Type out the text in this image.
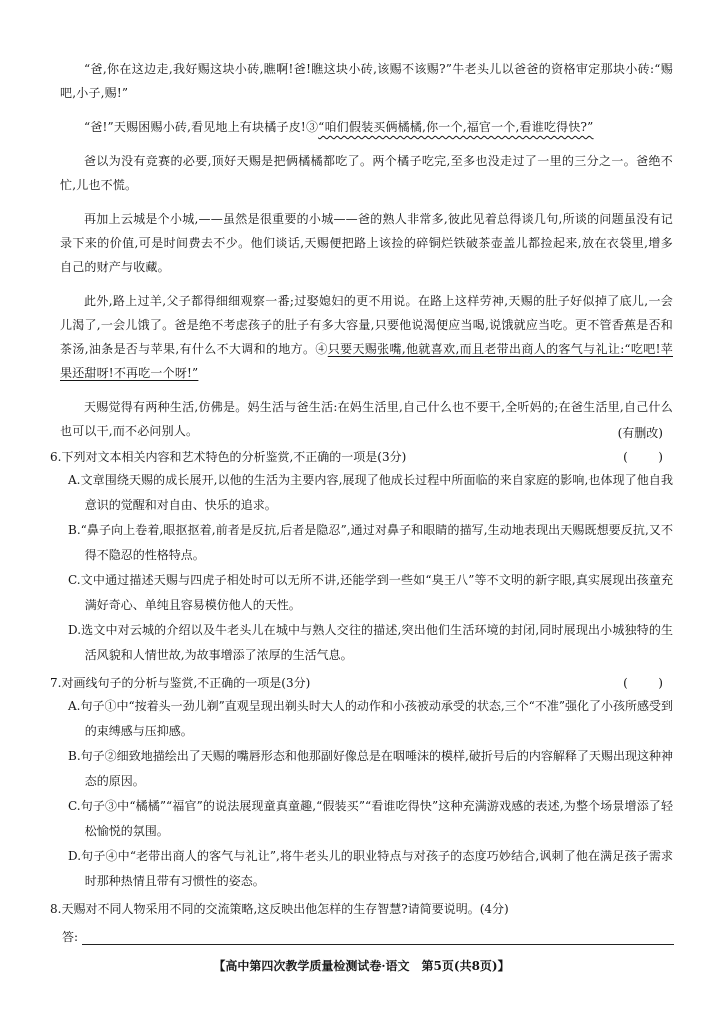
“爸,你在这边走,我好赐这块小砖,瞧啊!爸!瞧这块小砖,该赐不该赐?”牛老头儿以爸爸的资格审定那块小砖:“赐吧,小子,赐!”

“爸!”天赐困赐小砖,看见地上有块橘子皮!③“咱们假装买俩橘橘,你一个,福官一个,看谁吃得快?”

爸以为没有竞赛的必要,顶好天赐是把俩橘橘都吃了。两个橘子吃完,至多也没走过了一里的三分之一。爸绝不忙,儿也不慌。

再加上云城是个小城,——虽然是很重要的小城——爸的熟人非常多,彼此见着总得谈几句,所谈的问题虽没有记录下来的价值,可是时间费去不少。他们谈话,天赐便把路上该捡的碎铜烂铁破茶壶盖儿都捡起来,放在衣袋里,增多自己的财产与收藏。

此外,路上过羊,父子都得细细观察一番;过娶媳妇的更不用说。在路上这样劳神,天赐的肚子好似掉了底儿,一会儿渴了,一会儿饿了。爸是绝不考虑孩子的肚子有多大容量,只要他说渴便应当喝,说饿就应当吃。更不管香蕉是否和茶汤,油条是否与苹果,有什么不大调和的地方。④只要天赐张嘴,他就喜欢,而且老带出商人的客气与礼让:“吃吧!苹果还甜呀!不再吃一个呀!”

天赐觉得有两种生活,仿佛是。妈生活与爸生活:在妈生活里,自己什么也不要干,全听妈的;在爸生活里,自己什么也可以干,而不必问别人。	(有删改)
6.下列对文本相关内容和艺术特色的分析鉴赏,不正确的一项是(3分)	(        )

A.文章围绕天赐的成长展开,以他的生活为主要内容,展现了他成长过程中所面临的来自家庭的影响,也体现了他自我意识的觉醒和对自由、快乐的追求。

B.“鼻子向上卷着,眼抠抠着,前者是反抗,后者是隐忍”,通过对鼻子和眼睛的描写,生动地表现出天赐既想要反抗,又不得不隐忍的性格特点。

C.文中通过描述天赐与四虎子相处时可以无所不讲,还能学到一些如“臭王八”等不文明的新字眼,真实展现出孩童充满好奇心、单纯且容易模仿他人的天性。

D.选文中对云城的介绍以及牛老头儿在城中与熟人交往的描述,突出他们生活环境的封闭,同时展现出小城独特的生活风貌和人情世故,为故事增添了浓厚的生活气息。

7.对画线句子的分析与鉴赏,不正确的一项是(3分)	(        )

A.句子①中“按着头一劲儿剃”直观呈现出剃头时大人的动作和小孩被动承受的状态,三个“不准”强化了小孩所感受到的束缚感与压抑感。

B.句子②细致地描绘出了天赐的嘴唇形态和他那副好像总是在咽唾沫的模样,破折号后的内容解释了天赐出现这种神态的原因。

C.句子③中“橘橘”“福官”的说法展现童真童趣,“假装买”“看谁吃得快”这种充满游戏感的表述,为整个场景增添了轻松愉悦的氛围。

D.句子④中“老带出商人的客气与礼让”,将牛老头儿的职业特点与对孩子的态度巧妙结合,讽刺了他在满足孩子需求时那种热情且带有习惯性的姿态。

8.天赐对不同人物采用不同的交流策略,这反映出他怎样的生存智慧?请简要说明。(4分)
答:
【高中第四次教学质量检测试卷·语文　第5页(共8页)】
